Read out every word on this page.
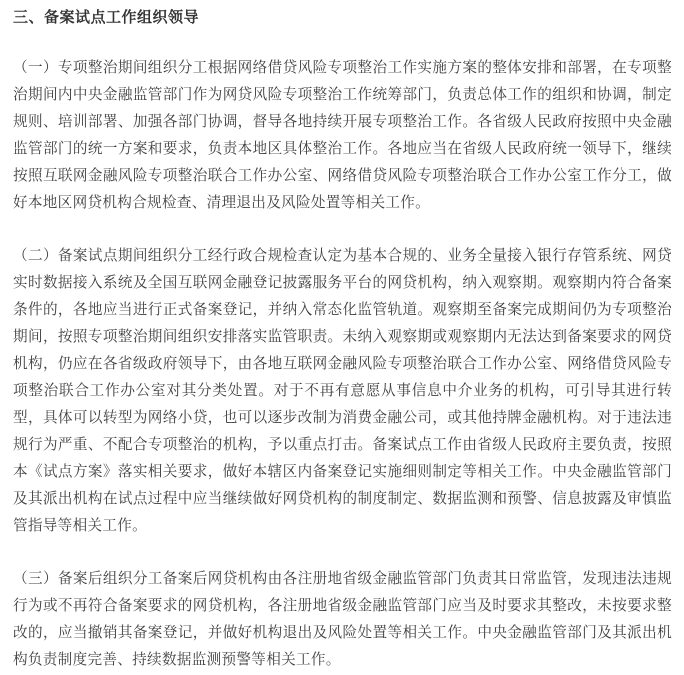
三、备案试点工作组织领导

（一）专项整治期间组织分工根据网络借贷风险专项整治工作实施方案的整体安排和部署，在专项整治期间内中央金融监管部门作为网贷风险专项整治工作统筹部门，负责总体工作的组织和协调，制定规则、培训部署、加强各部门协调，督导各地持续开展专项整治工作。各省级人民政府按照中央金融监管部门的统一方案和要求，负责本地区具体整治工作。各地应当在省级人民政府统一领导下，继续按照互联网金融风险专项整治联合工作办公室、网络借贷风险专项整治联合工作办公室工作分工，做好本地区网贷机构合规检查、清理退出及风险处置等相关工作。

（二）备案试点期间组织分工经行政合规检查认定为基本合规的、业务全量接入银行存管系统、网贷实时数据接入系统及全国互联网金融登记披露服务平台的网贷机构，纳入观察期。观察期内符合备案条件的，各地应当进行正式备案登记，并纳入常态化监管轨道。观察期至备案完成期间仍为专项整治期间，按照专项整治期间组织安排落实监管职责。未纳入观察期或观察期内无法达到备案要求的网贷机构，仍应在各省级政府领导下，由各地互联网金融风险专项整治联合工作办公室、网络借贷风险专项整治联合工作办公室对其分类处置。对于不再有意愿从事信息中介业务的机构，可引导其进行转型，具体可以转型为网络小贷，也可以逐步改制为消费金融公司，或其他持牌金融机构。对于违法违规行为严重、不配合专项整治的机构，予以重点打击。备案试点工作由省级人民政府主要负责，按照本《试点方案》落实相关要求，做好本辖区内备案登记实施细则制定等相关工作。中央金融监管部门及其派出机构在试点过程中应当继续做好网贷机构的制度制定、数据监测和预警、信息披露及审慎监管指导等相关工作。

（三）备案后组织分工备案后网贷机构由各注册地省级金融监管部门负责其日常监管，发现违法违规行为或不再符合备案要求的网贷机构，各注册地省级金融监管部门应当及时要求其整改，未按要求整改的，应当撤销其备案登记，并做好机构退出及风险处置等相关工作。中央金融监管部门及其派出机构负责制度完善、持续数据监测预警等相关工作。
